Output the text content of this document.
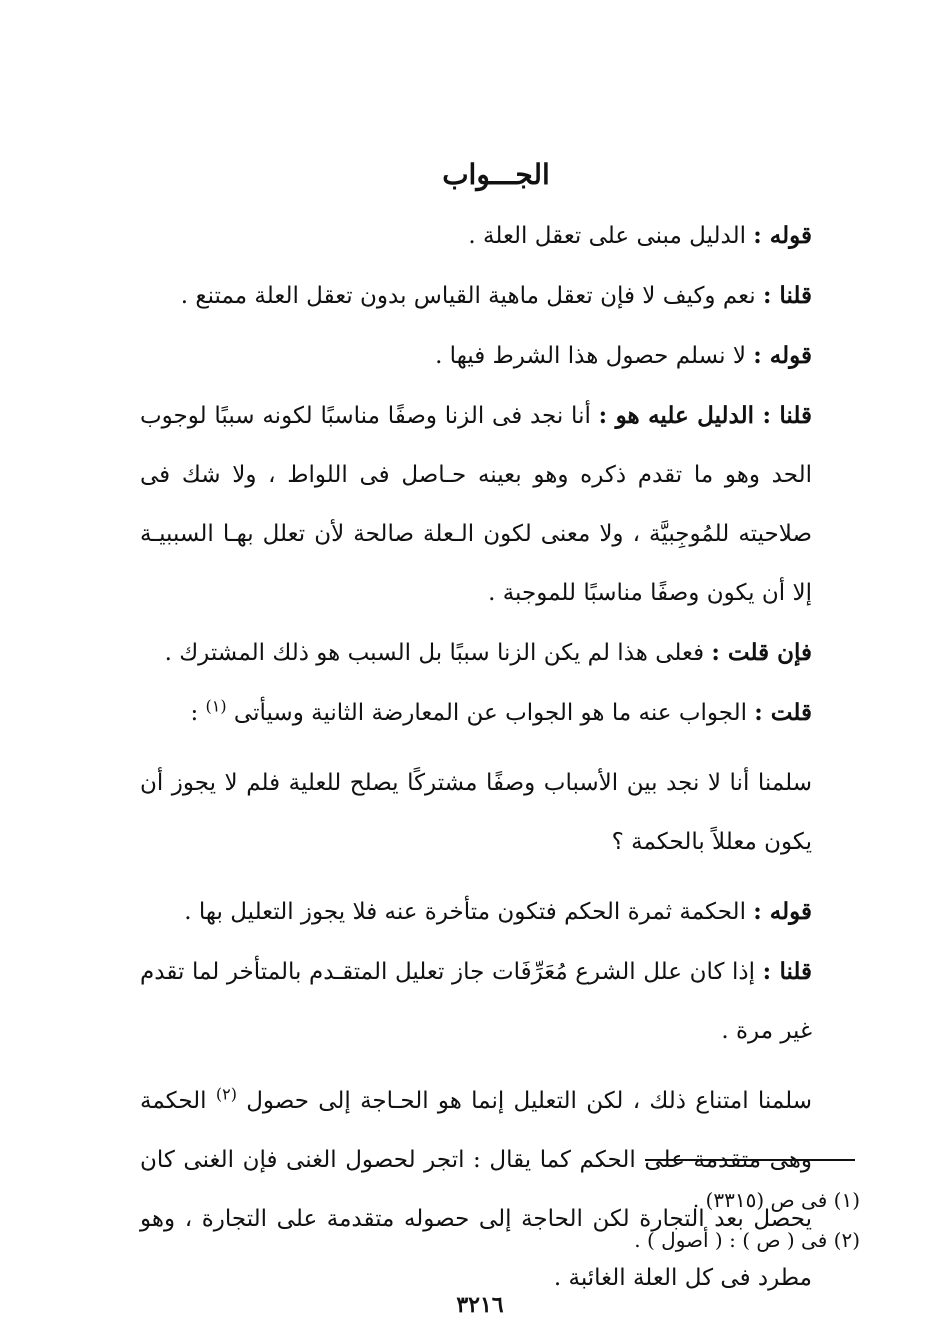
الجـــواب

قوله : الدليل مبنى على تعقل العلة .

قلنا : نعم وكيف لا فإن تعقل ماهية القياس بدون تعقل العلة ممتنع .

قوله : لا نسلم حصول هذا الشرط فيها .

قلنا : الدليل عليه هو : أنا نجد فى الزنا وصفًا مناسبًا لكونه سببًا لوجوب الحد وهو ما تقدم ذكره وهو بعينه حـاصل فى اللواط ، ولا شك فى صلاحيته للمُوجِبيَّة ، ولا معنى لكون الـعلة صالحة لأن تعلل بهـا السببيـة إلا أن يكون وصفًا مناسبًا للموجبة .

فإن قلت : فعلى هذا لم يكن الزنا سببًا بل السبب هو ذلك المشترك .

قلت : الجواب عنه ما هو الجواب عن المعارضة الثانية وسيأتى $^{(١)}$ :

سلمنا أنا لا نجد بين الأسباب وصفًا مشتركًا يصلح للعلية فلم لا يجوز أن يكون معللاً بالحكمة ؟

قوله : الحكمة ثمرة الحكم فتكون متأخرة عنه فلا يجوز التعليل بها .

قلنا : إذا كان علل الشرع مُعَرِّفَات جاز تعليل المتقـدم بالمتأخر لما تقدم غير مرة .

سلمنا امتناع ذلك ، لكن التعليل إنما هو الحـاجة إلى حصول $^{(٢)}$ الحكمة وهى متقدمة على الحكم كما يقال : اتجر لحصول الغنى فإن الغنى كان يحصل بعد التجارة لكن الحاجة إلى حصوله متقدمة على التجارة ، وهو مطرد فى كل العلة الغائبة .

(١) فى ص (٣٣١٥) .
(٢) فى ( ص ) : ( أصول ) .
٣٢١٦
